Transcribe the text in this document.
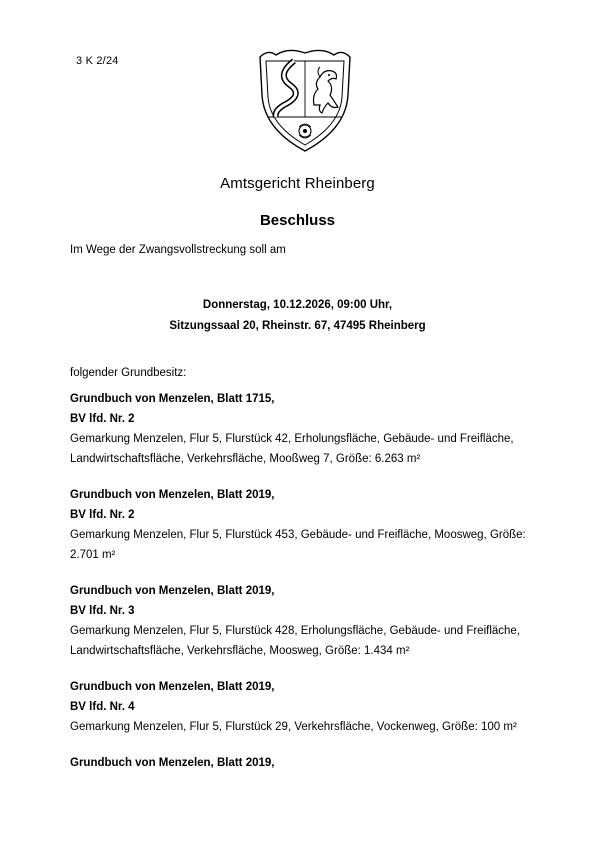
3 K 2/24
Amtsgericht Rheinberg
Beschluss
Im Wege der Zwangsvollstreckung soll am
Donnerstag, 10.12.2026, 09:00 Uhr,
Sitzungssaal 20, Rheinstr. 67, 47495 Rheinberg
folgender Grundbesitz:
Grundbuch von Menzelen, Blatt 1715,
BV lfd. Nr. 2
Gemarkung Menzelen, Flur 5, Flurstück 42, Erholungsfläche, Gebäude- und Freifläche, Landwirtschaftsfläche, Verkehrsfläche, Mooßweg 7, Größe: 6.263 m²
Grundbuch von Menzelen, Blatt 2019,
BV lfd. Nr. 2
Gemarkung Menzelen, Flur 5, Flurstück 453, Gebäude- und Freifläche, Moosweg, Größe: 2.701 m²
Grundbuch von Menzelen, Blatt 2019,
BV lfd. Nr. 3
Gemarkung Menzelen, Flur 5, Flurstück 428, Erholungsfläche, Gebäude- und Freifläche, Landwirtschaftsfläche, Verkehrsfläche, Moosweg, Größe: 1.434 m²
Grundbuch von Menzelen, Blatt 2019,
BV lfd. Nr. 4
Gemarkung Menzelen, Flur 5, Flurstück 29, Verkehrsfläche, Vockenweg, Größe: 100 m²
Grundbuch von Menzelen, Blatt 2019,
